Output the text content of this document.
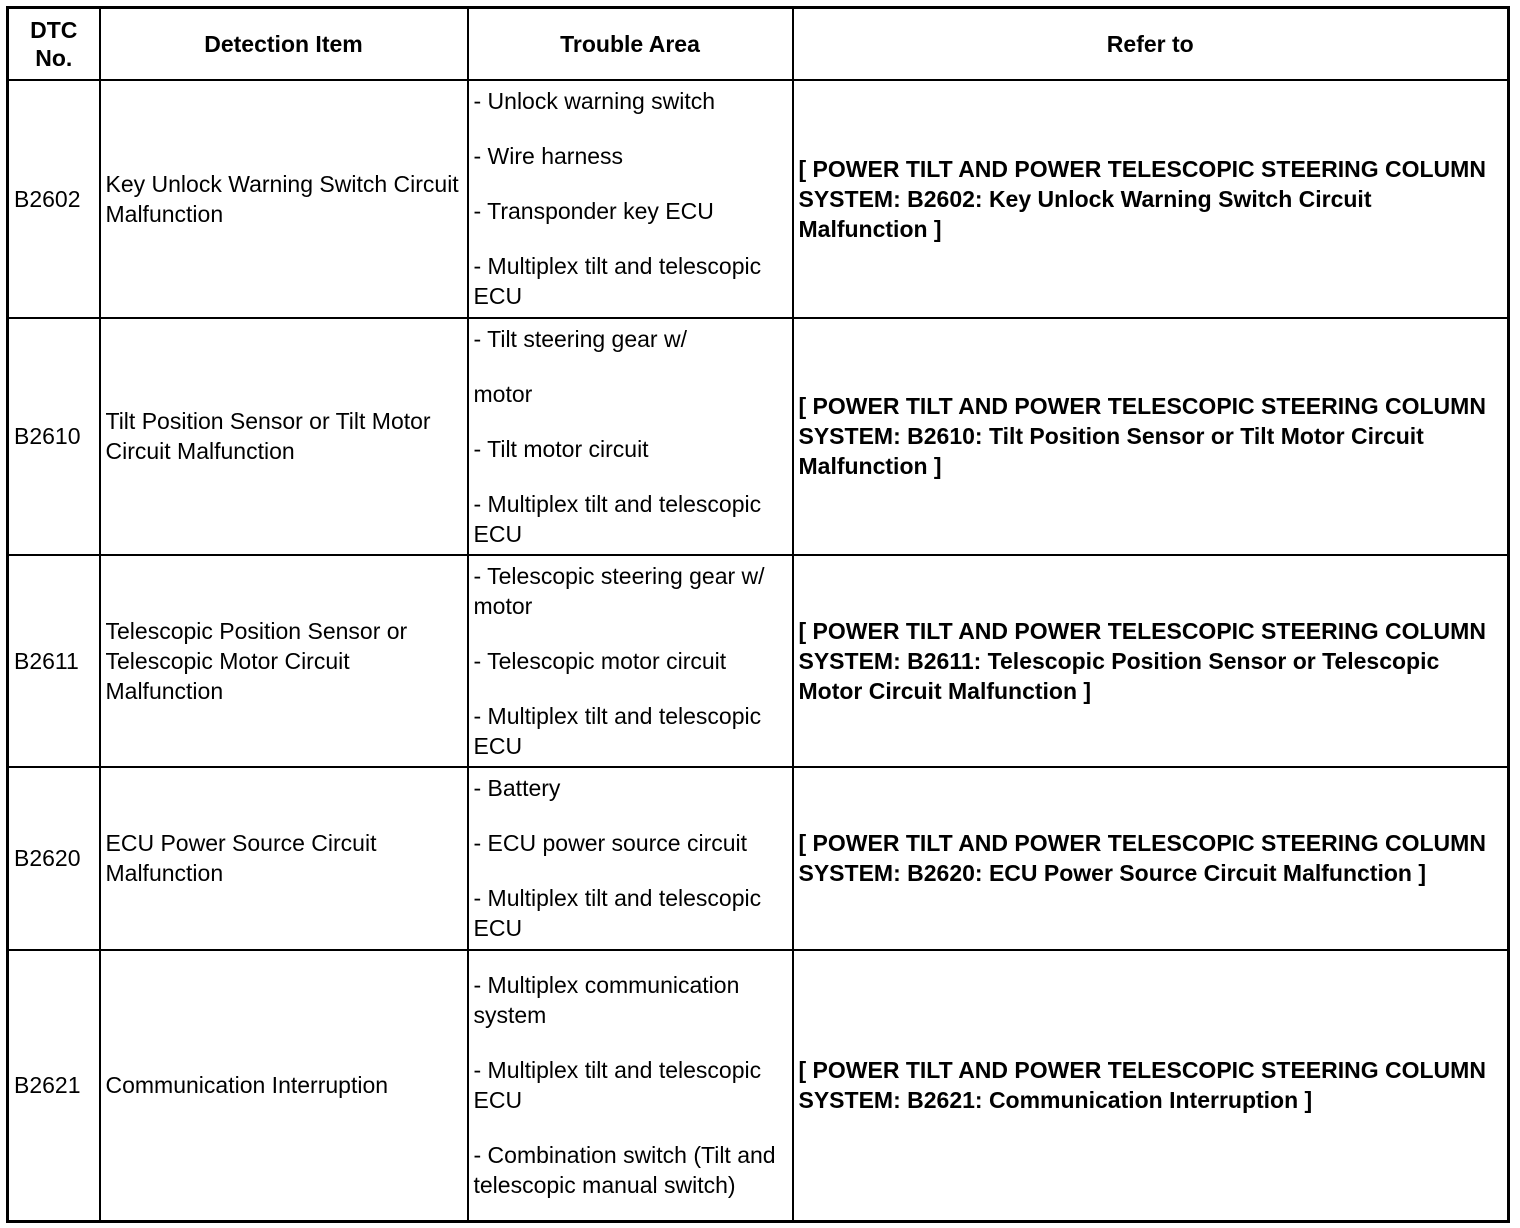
DTC No.	Detection Item	Trouble Area	Refer to
B2602	Key Unlock Warning Switch Circuit Malfunction	- Unlock warning switch
- Wire harness
- Transponder key ECU
- Multiplex tilt and telescopic ECU	[ POWER TILT AND POWER TELESCOPIC STEERING COLUMN SYSTEM: B2602: Key Unlock Warning Switch Circuit Malfunction ]
B2610	Tilt Position Sensor or Tilt Motor Circuit Malfunction	- Tilt steering gear w/
motor
- Tilt motor circuit
- Multiplex tilt and telescopic ECU	[ POWER TILT AND POWER TELESCOPIC STEERING COLUMN SYSTEM: B2610: Tilt Position Sensor or Tilt Motor Circuit Malfunction ]
B2611	Telescopic Position Sensor or Telescopic Motor Circuit Malfunction	- Telescopic steering gear w/ motor
- Telescopic motor circuit
- Multiplex tilt and telescopic ECU	[ POWER TILT AND POWER TELESCOPIC STEERING COLUMN SYSTEM: B2611: Telescopic Position Sensor or Telescopic Motor Circuit Malfunction ]
B2620	ECU Power Source Circuit Malfunction	- Battery
- ECU power source circuit
- Multiplex tilt and telescopic ECU	[ POWER TILT AND POWER TELESCOPIC STEERING COLUMN SYSTEM: B2620: ECU Power Source Circuit Malfunction ]
B2621	Communication Interruption	- Multiplex communication system
- Multiplex tilt and telescopic ECU
- Combination switch (Tilt and telescopic manual switch)	[ POWER TILT AND POWER TELESCOPIC STEERING COLUMN SYSTEM: B2621: Communication Interruption ]
